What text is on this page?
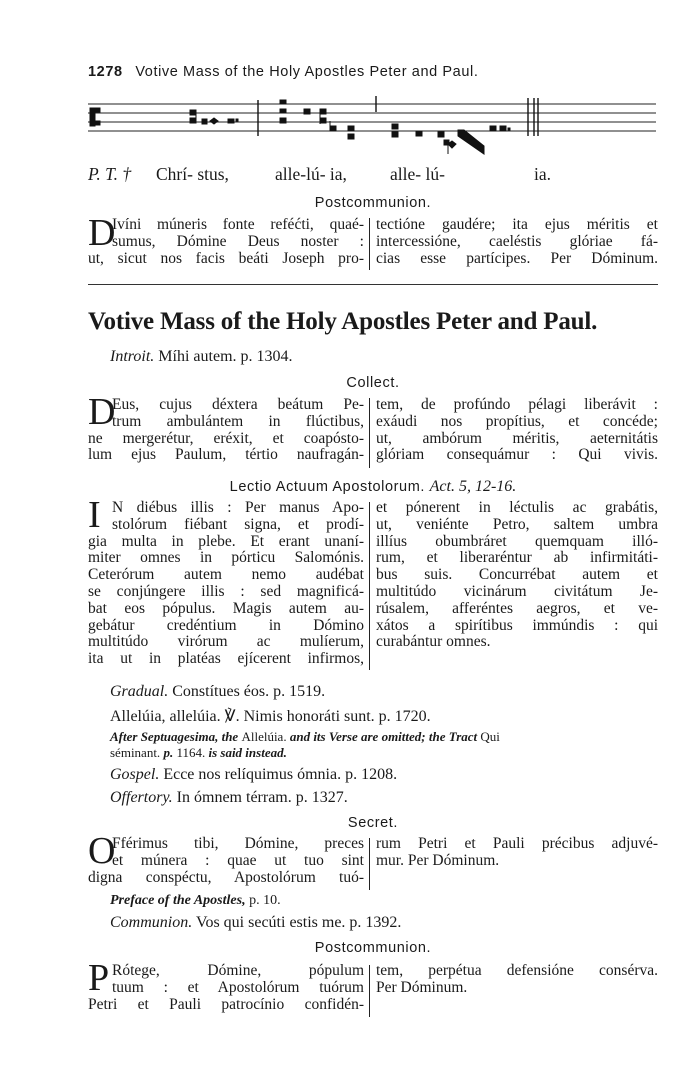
1278 Votive Mass of the Holy Apostles Peter and Paul.
P. T. † Chrí- stus,	alle-lú- ia, alle- lú-	ia.
Postcommunion.
D
Ivíni múneris fonte reféćti, quaé-
sumus, Dómine Deus noster :
ut, sicut nos facis beáti Joseph pro-
tectióne gaudére; ita ejus méritis et
intercessióne, caeléstis glóriae fá-
cias esse partícipes. Per Dóminum.
Votive Mass of the Holy Apostles Peter and Paul.
Introit. Míhi autem. p. 1304.
Collect.
D
Eus, cujus déxtera beátum Pe-
trum ambulántem in flúctibus,
ne mergerétur, eréxit, et coapósto-
lum ejus Paulum, tértio naufragán-
tem, de profúndo pélagi liberávit :
exáudi nos propítius, et concéde;
ut, ambórum méritis, aeternitátis
glóriam consequámur : Qui vivis.
Lectio Actuum Apostolorum. Act. 5, 12-16.
I N diébus illis : Per manus Apo-
stolórum fiébant signa, et prodí-
gia multa in plebe. Et erant unaní-
miter omnes in pórticu Salomónis.
Ceterórum autem nemo audébat
se conjúngere illis : sed magnificá-
bat eos pópulus. Magis autem au-
gebátur credéntium in Dómino
multitúdo virórum ac mulíerum,
ita ut in platéas ejícerent infirmos,
et pónerent in léctulis ac grabátis,
ut, veniénte Petro, saltem umbra
illíus obumbráret quemquam illó-
rum, et liberaréntur ab infirmitáti-
bus suis. Concurrébat autem et
multitúdo vicinárum civitátum Je-
rúsalem, afferéntes aegros, et ve-
xátos a spirítibus immúndis : qui
curabántur omnes.
Gradual. Constítues éos. p. 1519.
Allelúia, allelúia. ℣. Nimis honoráti sunt. p. 1720.
After Septuagesima, the Allelúia. and its Verse are omitted; the Tract Qui
séminant. p. 1164. is said instead.
Gospel. Ecce nos relíquimus ómnia. p. 1208.
Offertory. In ómnem térram. p. 1327.
Secret.
O
Fférimus tibi, Dómine, preces
et múnera : quae ut tuo sint
digna conspéctu, Apostolórum tuó-
rum Petri et Pauli précibus adjuvé-
mur. Per Dóminum.
Preface of the Apostles, p. 10.
Communion. Vos qui secúti estis me. p. 1392.
Postcommunion.
P Rótege, Dómine, pópulum
tuum : et Apostolórum tuórum
Petri et Pauli patrocínio confidén-
tem, perpétua defensióne consérva.
Per Dóminum.
